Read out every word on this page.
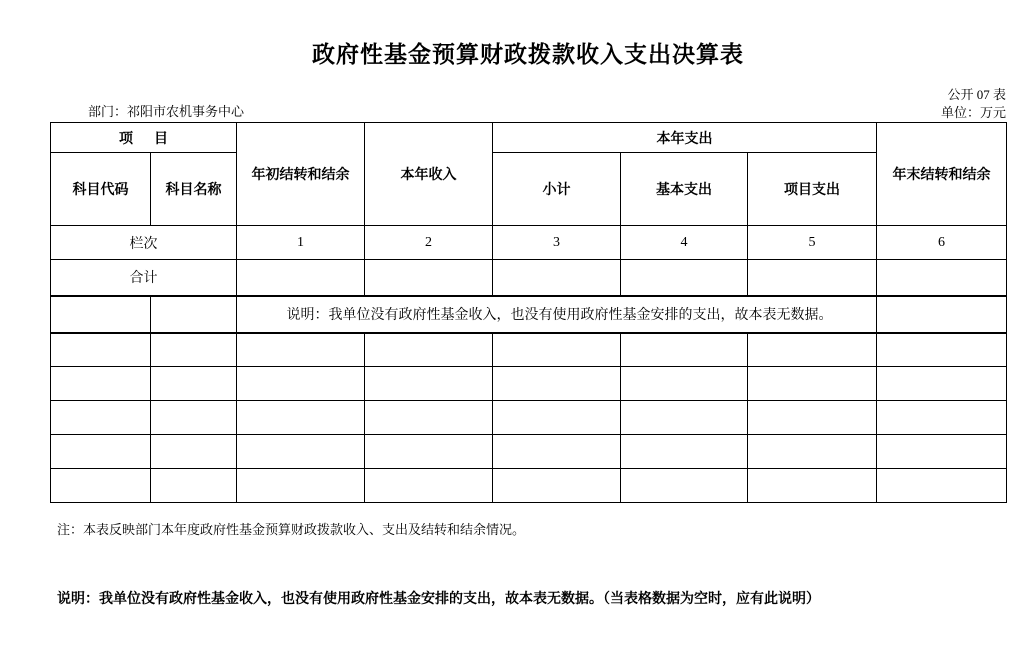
政府性基金预算财政拨款收入支出决算表
公开 07 表
单位：万元
部门：祁阳市农机事务中心
项      目		年初结转和结余	本年收入	本年支出			年末结转和结余
科目代码	科目名称			小计	基本支出	项目支出	
栏次		1	2	3	4	5	6
合计							
		说明：我单位没有政府性基金收入，也没有使用政府性基金安排的支出，故本表无数据。					

注：本表反映部门本年度政府性基金预算财政拨款收入、支出及结转和结余情况。
说明：我单位没有政府性基金收入，也没有使用政府性基金安排的支出，故本表无数据。（当表格数据为空时，应有此说明）
